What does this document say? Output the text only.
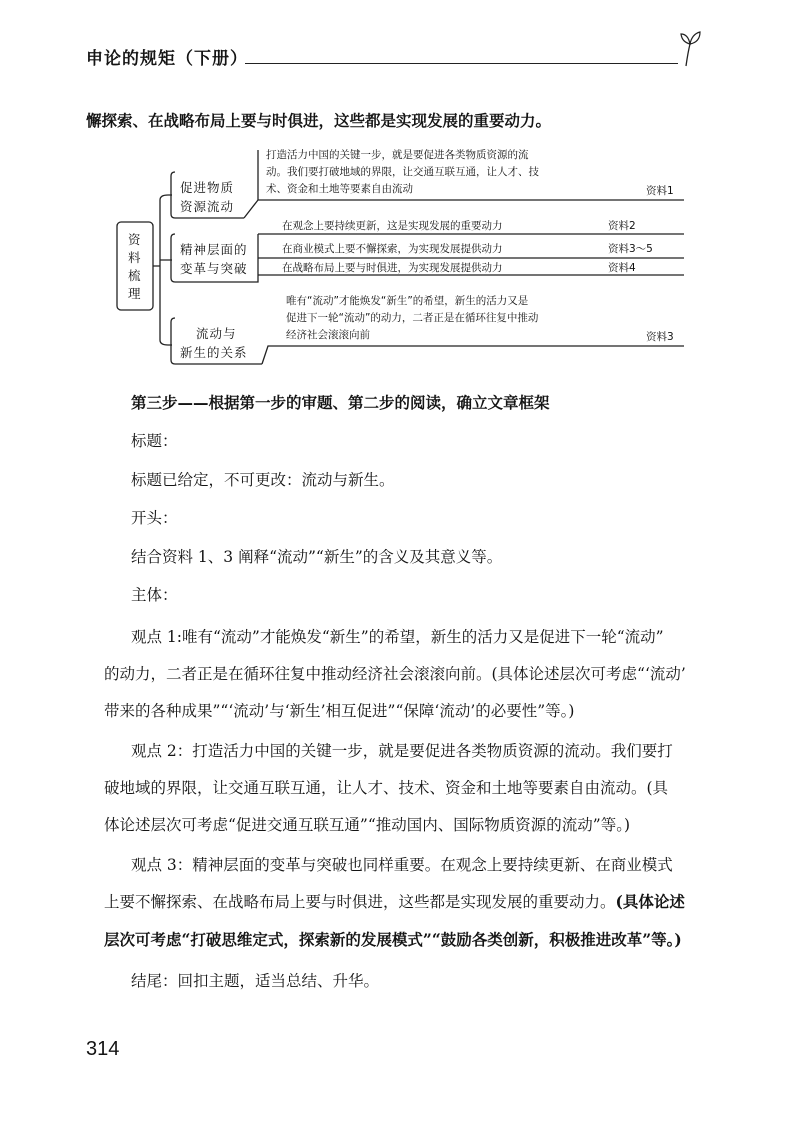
申论的规矩（下册）
懈探索、在战略布局上要与时俱进，这些都是实现发展的重要动力。
资料梳理
促进物质
资源流动
打造活力中国的关键一步，就是要促进各类物质资源的流
动。我们要打破地域的界限，让交通互联互通，让人才、技
术、资金和土地等要素自由流动	资料1
精神层面的
变革与突破
在观念上要持续更新，这是实现发展的重要动力	资料2
在商业模式上要不懈探索，为实现发展提供动力	资料3～5
在战略布局上要与时俱进，为实现发展提供动力	资料4
流动与
新生的关系
唯有“流动”才能焕发“新生”的希望，新生的活力又是
促进下一轮“流动”的动力，二者正是在循环往复中推动
经济社会滚滚向前	资料3
第三步——根据第一步的审题、第二步的阅读，确立文章框架
标题：
标题已给定，不可更改：流动与新生。
开头：
结合资料 1、3 阐释“流动”“新生”的含义及其意义等。
主体：
观点 1:唯有“流动”才能焕发“新生”的希望，新生的活力又是促进下一轮“流动”
的动力，二者正是在循环往复中推动经济社会滚滚向前。(具体论述层次可考虑“‘流动’
带来的各种成果”“‘流动’与‘新生’相互促进”“保障‘流动’的必要性”等。)
观点 2：打造活力中国的关键一步，就是要促进各类物质资源的流动。我们要打
破地域的界限，让交通互联互通，让人才、技术、资金和土地等要素自由流动。(具
体论述层次可考虑“促进交通互联互通”“推动国内、国际物质资源的流动”等。)
观点 3：精神层面的变革与突破也同样重要。在观念上要持续更新、在商业模式
上要不懈探索、在战略布局上要与时俱进，这些都是实现发展的重要动力。(具体论述
层次可考虑“打破思维定式，探索新的发展模式”“鼓励各类创新，积极推进改革”等。)
结尾：回扣主题，适当总结、升华。
314
